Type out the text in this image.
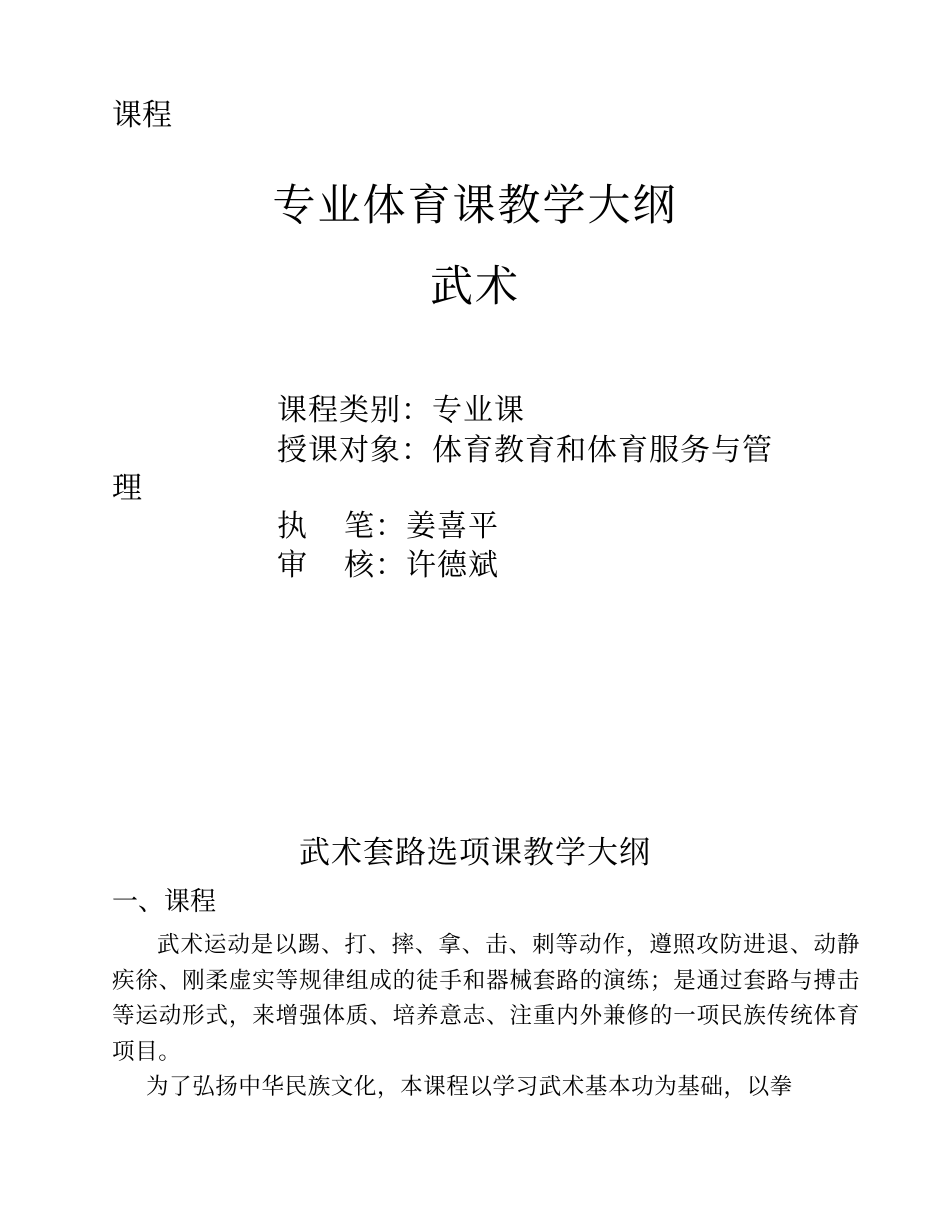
课程
专业体育课教学大纲
武术
课程类别：专业课
授课对象：体育教育和体育服务与管
理
执 笔：姜喜平
审 核：许德斌
武术套路选项课教学大纲
一、课程

武术运动是以踢、打、摔、拿、击、刺等动作，遵照攻防进退、动静疾徐、刚柔虚实等规律组成的徒手和器械套路的演练；是通过套路与搏击等运动形式，来增强体质、培养意志、注重内外兼修的一项民族传统体育项目。

为了弘扬中华民族文化，本课程以学习武术基本功为基础，以拳
